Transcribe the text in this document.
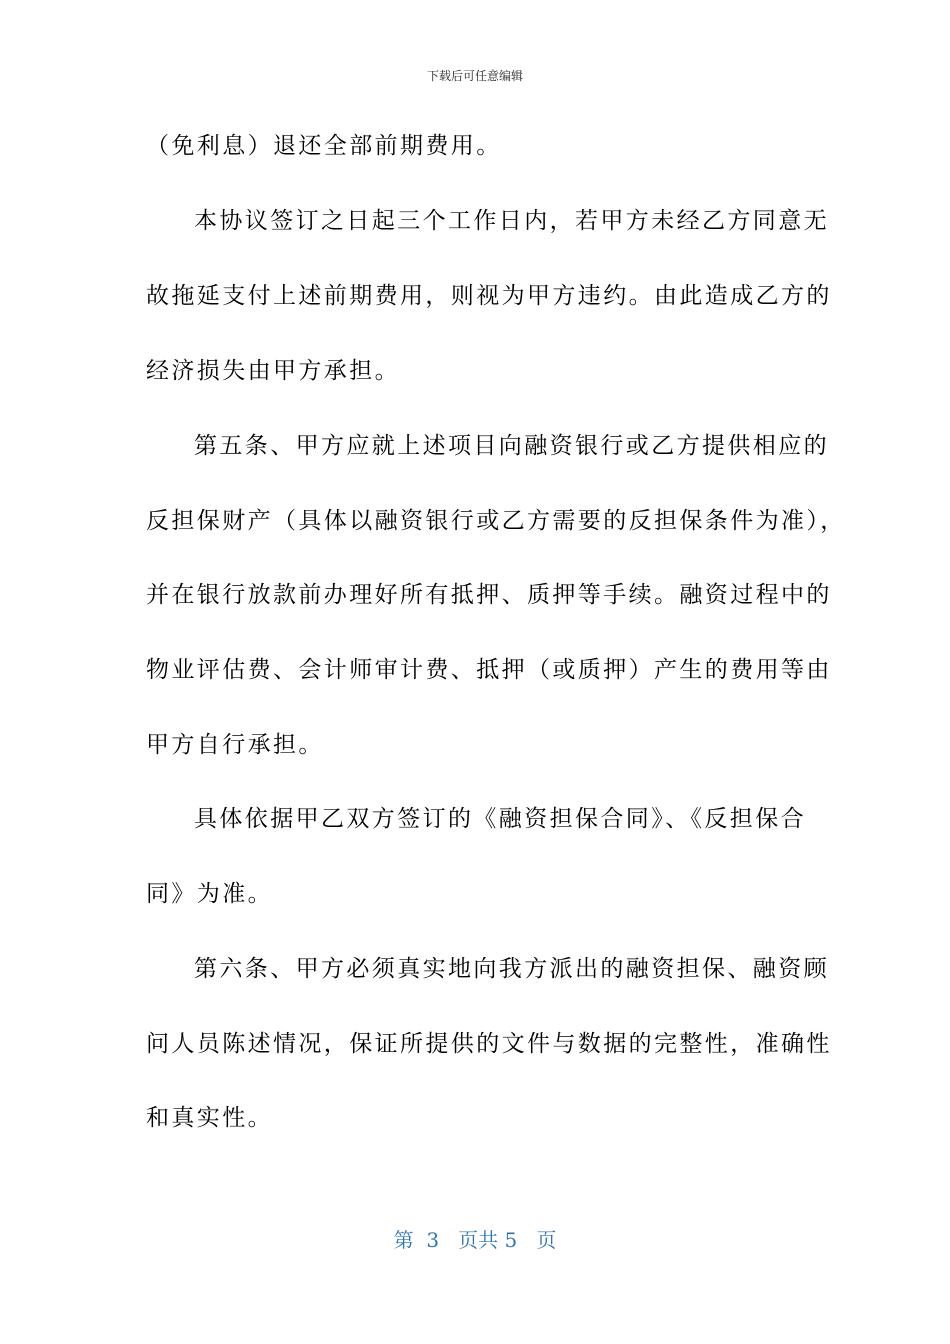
下载后可任意编辑
（免利息）退还全部前期费用。
本协议签订之日起三个工作日内，若甲方未经乙方同意无
故拖延支付上述前期费用，则视为甲方违约。由此造成乙方的
经济损失由甲方承担。
第五条、甲方应就上述项目向融资银行或乙方提供相应的
反担保财产（具体以融资银行或乙方需要的反担保条件为准），
并在银行放款前办理好所有抵押、质押等手续。融资过程中的
物业评估费、会计师审计费、抵押（或质押）产生的费用等由
甲方自行承担。
具体依据甲乙双方签订的《融资担保合同》、《反担保合
同》为准。
第六条、甲方必须真实地向我方派出的融资担保、融资顾
问人员陈述情况，保证所提供的文件与数据的完整性，准确性
和真实性。
第 3 页共 5 页
